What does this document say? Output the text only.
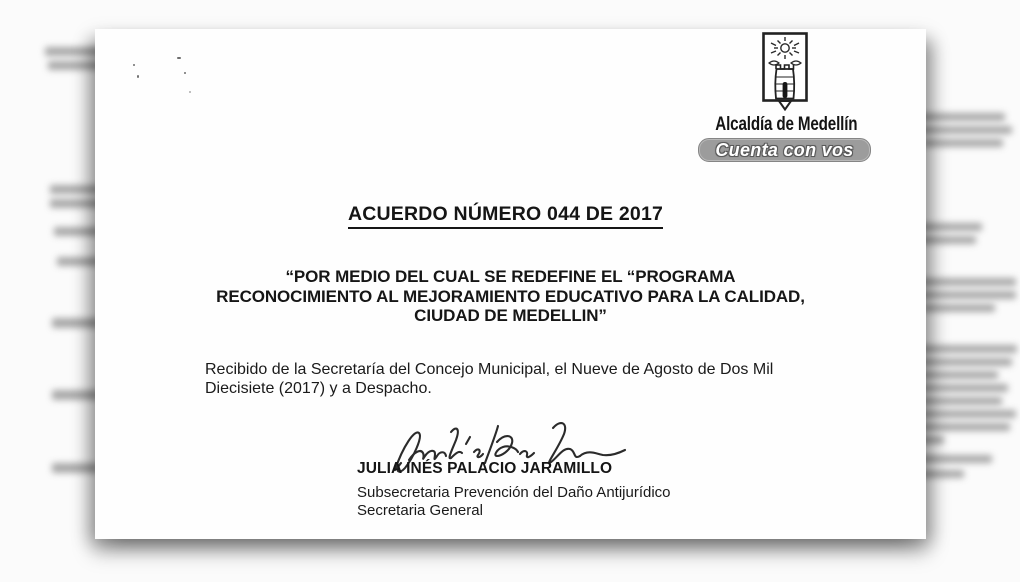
Alcaldía de Medellín
Cuenta con vos
ACUERDO NÚMERO 044 DE 2017
“POR MEDIO DEL CUAL SE REDEFINE EL “PROGRAMA
RECONOCIMIENTO AL MEJORAMIENTO EDUCATIVO PARA LA CALIDAD,
CIUDAD DE MEDELLIN”
Recibido de la Secretaría del Concejo Municipal, el Nueve de Agosto de Dos Mil
Diecisiete (2017) y a Despacho.
JULIA INÉS PALACIO JARAMILLO
Subsecretaria Prevención del Daño Antijurídico
Secretaria General
